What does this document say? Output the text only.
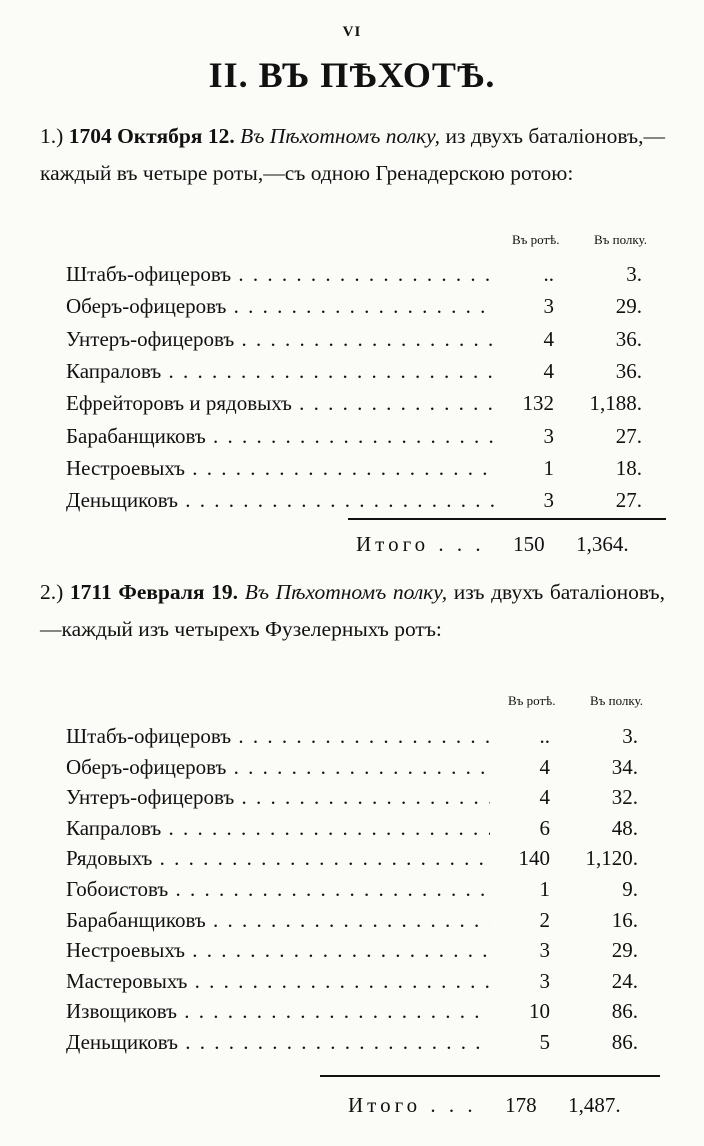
VI
II. ВЪ ПѢХОТѢ.
1.) 1704 Октября 12. Въ Пѣхотномъ полку, из двухъ баталіоновъ,—каждый въ четыре роты,—съ одною Гренадерскою ротою:
Въ ротѣ.	Въ полку.
Штабъ-офицеровъ . . .	..	3.
Оберъ-офицеровъ . . .	3	29.
Унтеръ-офицеровъ . . .	4	36.
Капраловъ . . .	4	36.
Ефрейторовъ и рядовыхъ . . .	132	1,188.
Барабанщиковъ . . .	3	27.
Нестроевыхъ . . .	1	18.
Деньщиковъ . . .	3	27.
Итого . . . 150 1,364.
2.) 1711 Февраля 19. Въ Пѣхотномъ полку, изъ двухъ баталіоновъ,—каждый изъ четырехъ Фузелерныхъ ротъ:
Въ ротѣ.	Въ полку.
Штабъ-офицеровъ . . .	..	3.
Оберъ-офицеровъ . . .	4	34.
Унтеръ-офицеровъ . . .	4	32.
Капраловъ . . .	6	48.
Рядовыхъ . . .	140	1,120.
Гобоистовъ . . .	1	9.
Барабанщиковъ . . .	2	16.
Нестроевыхъ . . .	3	29.
Мастеровыхъ . . .	3	24.
Извощиковъ . . .	10	86.
Деньщиковъ . . .	5	86.
Итого . . . 178 1,487.
